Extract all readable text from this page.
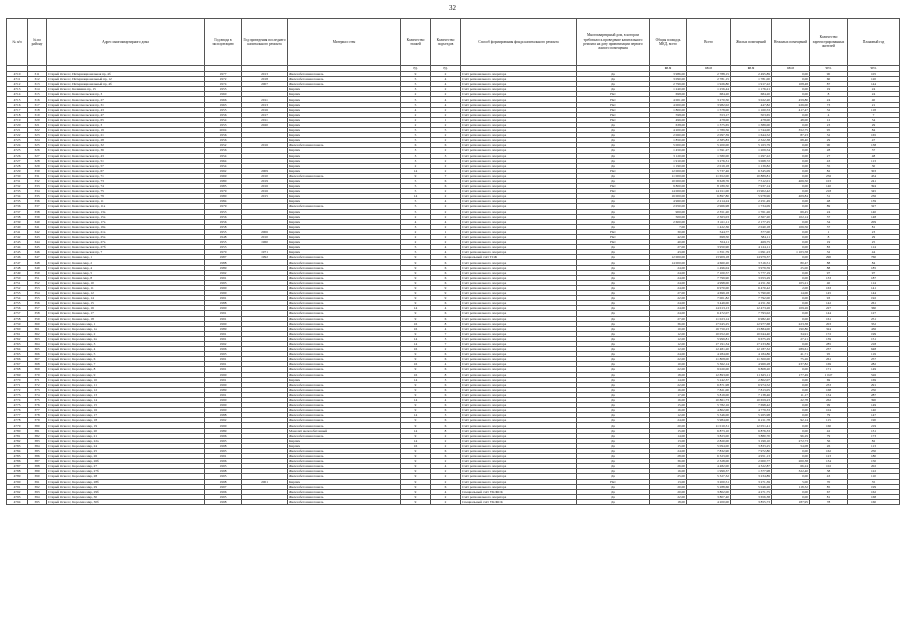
32
№ п/п	№ по району	Адрес многоквартирного дома	Год ввода в эксплуатацию	Год проведения последнего капитального ремонта	Материал стен	Количество этажей	Количество подъездов	Способ формирования фонда капитального ремонта	Многоквартирный дом, в котором требовалось проведение капитального ремонта на дату приватизации первого жилого помещения	Общая площадь МКД, всего	Всего	Жилых помещений	Нежилых помещений	Количество зарегистрированных жителей	Плановый год
						ед.	ед.			кв.м	кв.м	кв.м	кв.м	чел.	чел.
4710	311	Старый Оскол г, Интернациональная пр, 4б	1977	2013	Железобетонная панель	9	2	Счёт регионального оператора	Да	3 986,00	2 788,15	2 495,89	0,00	90	105
4711	312	Старый Оскол г, Интернациональный пр, 12	1972	2018	Железобетонная панель	5	4	Счёт регионального оператора	Да	3 090,00	2 781,15	1 781,00	0,00	60	120
4712	313	Старый Оскол г, Интернациональный пр, 4б	1974	2007	Железобетонная панель	5	4	Счёт регионального оператора	Да	2 799,00	1 926,80	1 917,22	108,48	87	144
4713	314	Старый Оскол г, Калинина пр, 15	1955		Кирпич	3	2	Счёт регионального оператора	Да	1 240,00	1 256,44	1 176,21	0,00	19	24
4714	315	Старый Оскол г, Комсомольская пр, 3	1960		Кирпич	2	2	Счёт регионального оператора	Нет	698,00	684,20	684,20	0,00	8	24
4715	316	Старый Оскол г, Комсомольская пр, 27	1966	2011	Кирпич	5	4	Счёт регионального оператора	Нет	4 001,00	3 270,50	3 022,20	459,80	24	40
4716	317	Старый Оскол г, Комсомольская пр, 31	1963	2013	Кирпич	5	4	Счёт регионального оператора	Нет	4 000,00	3 982,02	447,82	226,00	73	21
4717	318	Старый Оскол г, Комсомольская пр, 43	1955	2016	Кирпич	4	2	Счёт регионального оператора	Нет	1 800,00	1 578,00	1 160,53	417,47	32	118
4718	319	Старый Оскол г, Комсомольская пр, 47	1956	2017	Кирпич	2	2	Счёт регионального оператора	Нет	598,00	553,17	503,65	0,00	4	7
4719	320	Старый Оскол г, Комсомольская пр, 65	1954	2011	Кирпич	2	1	Счёт регионального оператора	Нет	496,00	478,00	478,00	48,00	12	54
4720	321	Старый Оскол г, Комсомольская пр, 3	1953	2020	Кирпич	2	2	Счёт регионального оператора	Да	638,00	1 375,65	1 389,00	0,00	23	29
4721	322	Старый Оскол г, Комсомольская пр, 19	2004		Кирпич	5	5	Счёт регионального оператора	Да	4 200,00	1 789,56	1 744,00	352,75	95	84
4722	323	Старый Оскол г, Комсомольская пр, 21	1956		Кирпич	5	2	Счёт регионального оператора	Да	2 060,00	2 097,39	1 644,52	87,23	32	165
4723	324	Старый Оскол г, Комсомольская пр, 28	1956		Кирпич	5	2	Счёт регионального оператора	Да	1 850,00	2 385,83	2 322,38	68,40	29	47
4724	325	Старый Оскол г, Комсомольская пр, 32	1952	2016	Железобетонная панель	6	6	Счёт регионального оператора	Да	5 000,00	5 200,00	5 163,79	0,00	90	138
4725	326	Старый Оскол г, Комсомольская пр, 36	1956		Кирпич	3	2	Счёт регионального оператора	Да	1 450,00	1 591,27	1 209,54	0,00	28	37
4726	327	Старый Оскол г, Комсомольская пр, 43	1954		Кирпич	3	3	Счёт регионального оператора	Да	3 120,00	1 580,00	1 297,22	0,00	27	48
4727	328	Старый Оскол г, Комсомольская пр, 51	1964		Кирпич	3	2	Счёт регионального оператора	Да	1 910,00	3 276,31	3 068,72	0,00	43	113
4728	329	Старый Оскол г, Комсомольская пр, 57	1954		Кирпич	2	2	Счёт регионального оператора	Да	1 190,00	2 019,18	1 139,82	0,00	35	30
4729	330	Старый Оскол г, Комсомольская пр, 67	1992	2009	Кирпич	14	2	Счёт регионального оператора	Нет	12 000,00	5 737,46	6 345,09	0,00	82	303
4730	331	Старый Оскол г, Комсомольская пр, 71	1969	2010	Железобетонная панель	9	7	Счёт регионального оператора	Да	11 000,00	11 652,00	10 889,81	0,00	256	454
4731	332	Старый Оскол г, Комсомольская пр, 73	1980	2019	Кирпич	5	6	Счёт регионального оператора	Да	10 000,00	8 628,76	7 512,01	406,50	103	241
4732	333	Старый Оскол г, Комсомольская пр, 74	1985	2016	Кирпич	5	6	Счёт регионального оператора	Нет	9 800,00	8 189,50	7 937,14	0,00	140	394
4733	334	Старый Оскол г, Комсомольская пр, 75	1979	2016	Кирпич	5	2	Счёт регионального оператора	Нет	14 000,00	14 011,00	13 902,42	0,00	218	345
4734	335	Старый Оскол г, Комсомольская пр, 79	1980	2015	Кирпич	14	2	Счёт регионального оператора	Да	16 000,00	6 897,80	5 978,96	409,84	31	236
4735	336	Старый Оскол г, Комсомольская пр, 11	1984		Кирпич	5	4	Счёт регионального оператора	Да	4 960,00	2 214,24	2 251,49	0,00	48	139
4736	337	Старый Оскол г, Комсомольская пр, 11а	1979		Железобетонная панель	5	2	Счёт регионального оператора	Да	2 050,00	2 966,98	1 734,09	0,00	89	327
4737	338	Старый Оскол г, Комсомольская пр, 13а	1953		Кирпич	5	2	Счёт регионального оператора	Да	900,00	2 351,20	1 761,26	69,45	24	140
4738	339	Старый Оскол г, Комсомольская пр, 15а	1956		Кирпич	2	2	Счёт регионального оператора	Да	500,00	2 363,03	2 367,20	102,14	37	148
4739	340	Старый Оскол г, Комсомольская пр, 17а	1956		Кирпич	4	4	Счёт регионального оператора	Да	2 600,00	3 411,11	2 177,25	0,00	34	209
4740	341	Старый Оскол г, Комсомольская пр, 19а	1958		Кирпич	3	2	Счёт регионального оператора	Да	7,00	1 422,36	2 040,18	106,56	37	81
4741	342	Старый Оскол г, Комсомольская пр, 21а	1955	2006	Кирпич	2	1	Счёт регионального оператора	Нет	30,00	544,77	377,00	0,00	1	23
4742	343	Старый Оскол г, Комсомольская пр, 25а	1948	2010	Кирпич	2	2	Счёт регионального оператора	Нет	42,00	698,50	584,11	0,00	8	29
4743	344	Старый Оскол г, Комсомольская пр, 27а	1955	1960	Кирпич	2	2	Счёт регионального оператора	Нет	40,00	554,11	469,75	0,00	19	25
4744	345	Старый Оскол г, Комсомольская пр, 27б	1953		Кирпич	5	4	Счёт регионального оператора	Да	27,00	3 950,90	4 124,11	0,00	83	114
4745	346	Старый Оскол г, Комсомольская пр, 7	1970	1971	Кирпич	5	4	Счёт регионального оператора	Да	43,00	1 351,79	1 091,23	1 103,58	32	44
4746	347	Старый Оскол г, Конева мкр, 1	1987	1992	Железобетонная панель	9	6	Специальный счёт ТСЖ	Да	12 000,00	13 909,18	14 979,37	0,00	290	760
4747	348	Старый Оскол г, Конева мкр, 2	1988		Железобетонная панель	9	6	Счёт регионального оператора	Да	14 000,00	4 660,20	3 516,51	80,47	88	84
4748	349	Старый Оскол г, Конева мкр, 4	1989		Железобетонная панель	9	6	Счёт регионального оператора	Да	24,00	1 496,04	3 979,59	25,00	88	185
4749	350	Старый Оскол г, Конева мкр, 5	1992		Железобетонная панель	9	6	Счёт регионального оператора	Да	24,00	7 100,57	5 777,19	0,00	97	97
4750	351	Старый Оскол г, Конева мкр, 8	1991		Железобетонная панель	9	6	Счёт регионального оператора	Да	24,00	7 799,90	3 053,29	0,00	133	187
4751	352	Старый Оскол г, Конева мкр, 10	1993		Железобетонная панель	9	6	Счёт регионального оператора	Да	24,00	4 998,00	4 251,36	105,21	40	114
4752	353	Старый Оскол г, Конева мкр, 11	1990		Железобетонная панель	9	9	Счёт регионального оператора	Да	24,00	6 970,00	6 470,42	2,00	163	141
4753	354	Старый Оскол г, Конева мкр, 12	1990		Железобетонная панель	9	9	Счёт регионального оператора	Да	27,00	4 699,18	5 790,00	14,00	145	144
4754	355	Старый Оскол г, Конева мкр, 14	1991		Железобетонная панель	9	9	Счёт регионального оператора	Да	22,00	7 001,82	7 792,00	0,00	93	192
4755	356	Старый Оскол г, Конева мкр, 15	1988		Железобетонная панель	9	6	Счёт регионального оператора	Да	24,00	3 449,00	4 251,36	0,00	142	261
4756	357	Старый Оскол г, Конева мкр, 16	1990		Железобетонная панель	14	4	Счёт регионального оператора	Да	24,00	14 013,13	12 473,26	109,26	227	360
4757	358	Старый Оскол г, Конева мкр, 17	1991		Железобетонная панель	9	6	Счёт регионального оператора	Да	24,00	6 472,07	7 793,02	0,00	144	127
4758	359	Старый Оскол г, Конева мкр, 18	1991		Железобетонная панель	9	6	Счёт регионального оператора	Да	27,00	11 023,14	6 982,40	0,00	161	251
4759	360	Старый Оскол г, Королева мкр, 1	1990		Железобетонная панель	16	8	Счёт регионального оператора	Да	36,00	17 045,25	12 977,68	223,38	203	352
4760	361	Старый Оскол г, Королева мкр, 1а	1989		Железобетонная панель	16	4	Счёт регионального оператора	Да	10,00	16 750,23	13 884,00	190,86	324	436
4761	362	Старый Оскол г, Королева мкр, 2	1991		Железобетонная панель	9	7	Счёт регионального оператора	Да	12,00	10 052,20	10 044,40	34,91	172	199
4762	363	Старый Оскол г, Королева мкр, 2а	1991		Железобетонная панель	14	3	Счёт регионального оператора	Да	12,00	5 999,81	9 675,29	27,21	139	151
4763	364	Старый Оскол г, Королева мкр, 3	1992		Железобетонная панель	14	7	Счёт регионального оператора	Да	12,00	17 191,34	17 233,86	0,00	285	218
4764	365	Старый Оскол г, Королева мкр, 4	1996		Железобетонная панель	16	2	Счёт регионального оператора	Да	12,00	12 481,20	12 187,32	289,61	237	648
4765	366	Старый Оскол г, Королева мкр, 5	1993		Железобетонная панель	9	6	Счёт регионального оператора	Да	24,00	4 284,00	4 184,86	41,71	95	119
4766	367	Старый Оскол г, Королева мкр, 6	1991		Железобетонная панель	9	6	Счёт регионального оператора	Да	22,00	11 808,00	11 300,00	75,26	261	257
4767	368	Старый Оскол г, Королева мкр, 7	1991		Железобетонная панель	16	4	Счёт регионального оператора	Да	10,00	5 362,14	4 969,28	237,82	169	282
4768	369	Старый Оскол г, Королева мкр, 8	1991		Железобетонная панель	9	6	Счёт регионального оператора	Да	22,00	9 020,00	9 808,20	0,00	171	149
4769	370	Старый Оскол г, Королева мкр, 9	1990		Железобетонная панель	16	8	Счёт регионального оператора	Да	18,00	12 893,00	11 625,11	177,49	1 047	526
4770	371	Старый Оскол г, Королева мкр, 10	1991		Кирпич	14	3	Счёт регионального оператора	Да	14,00	5 242,37	2 802,07	0,00	69	169
4771	372	Старый Оскол г, Королева мкр, 11	1990		Железобетонная панель	9	6	Счёт регионального оператора	Да	22,00	6 871,98	6 974,52	0,00	233	291
4772	373	Старый Оскол г, Королева мкр, 12	1989		Железобетонная панель	9	6	Счёт регионального оператора	Да	16,00	7 821,00	7 813,05	0,00	168	250
4773	374	Старый Оскол г, Королева мкр, 13	1991		Железобетонная панель	9	6	Счёт регионального оператора	Да	17,00	5 819,00	7 138,46	11,17	134	287
4774	375	Старый Оскол г, Королева мкр, 14	1990		Железобетонная панель	14	4	Счёт регионального оператора	Да	16,00	10 861,73	10 659,23	22,78	262	390
4775	376	Старый Оскол г, Королева мкр, 15	1990		Железобетонная панель	9	6	Счёт регионального оператора	Да	15,00	5 782,16	7 698,42	0,00	99	149
4776	377	Старый Оскол г, Королева мкр, 16	1990		Железобетонная панель	9	6	Счёт регионального оператора	Да	16,00	4 802,00	4 779,33	0,00	104	140
4777	378	Старый Оскол г, Королева мкр, 17	1988		Железобетонная панель	14	3	Счёт регионального оператора	Да	12,00	5 346,00	5 265,98	0,00	79	147
4778	379	Старый Оскол г, Королева мкр, 18	1992		Железобетонная панель	9	6	Счёт регионального оператора	Да	24,00	5 984,00	6 211,78	92,14	115	190
4779	380	Старый Оскол г, Королева мкр, 19	1990		Железобетонная панель	9	6	Счёт регионального оператора	Да	20,00	11 010,31	12 051,41	0,00	160	219
4780	381	Старый Оскол г, Королева мкр, 20	1989		Монолит железобетонный	14	8	Счёт регионального оператора	Да	15,00	6 873,10	6 876,33	0,00	42	131
4781	382	Старый Оскол г, Королева мкр, 21	1996		Железобетонная панель	9	2	Счёт регионального оператора	Да	14,00	3 823,00	3 880,70	96,29	79	173
4782	383	Старый Оскол г, Королева мкр, 22а	1993		Кирпич	14	2	Счёт регионального оператора	Да	13,00	2 820,00	3 199,10	272,73	56	82
4783	384	Старый Оскол г, Королева мкр, 24	1998		Кирпич	16	2	Счёт регионального оператора	Да	15,00	5 094,00	3 833,25	54,08	26	113
4784	385	Старый Оскол г, Королева мкр, 25	1993		Железобетонная панель	9	6	Счёт регионального оператора	Да	24,00	7 832,90	7 972,80	0,00	162	250
4785	386	Старый Оскол г, Королева мкр, 26	1991		Железобетонная панель	9	6	Счёт регионального оператора	Да	28,00	6 323,00	4 951,13	0,00	123	180
4786	387	Старый Оскол г, Королева мкр, 26б	1996		Железобетонная панель	9	2	Счёт регионального оператора	Да	36,00	2 328,00	2 000,77	200,38	134	150
4787	388	Старый Оскол г, Королева мкр, 27	1993		Железобетонная панель	9	4	Счёт регионального оператора	Да	26,00	4 482,00	4 322,87	66,24	102	202
4788	389	Старый Оскол г, Королева мкр, 27б	1998		Железобетонная панель	9	2	Счёт регионального оператора	Да	16,00	1 999,37	1 377,98	322,40	38	122
4789	390	Старый Оскол г, Королева мкр, 28	1995		Железобетонная панель	9	2	Счёт регионального оператора	Да	25,00	5 327,32	3 234,89	0,00	43	110
4790	391	Старый Оскол г, Королева мкр, 28б	1998	2001	Кирпич	9	2	Счёт регионального оператора	Нет	13,00	3 200,51	3 271,39	5,00	70	35
4791	392	Старый Оскол г, Королева мкр, 29	1997		Железобетонная панель	9	6	Счёт регионального оператора	Да	20,00	5 288,66	5 046,26	118,32	85	199
4792	393	Старый Оскол г, Королева мкр, 29б	1996		Железобетонная панель	9	4	Специальный счёт УК/ЖСК	Да	20,00	3 802,00	4 271,75	0,00	67	162
4793	394	Старый Оскол г, Королева мкр, 30	1995		Железобетонная панель	9	2	Счёт регионального оператора	Да	22,00	3 807,40	3 656,38	0,00	81	168
4794	395	Старый Оскол г, Королева мкр, 30б	1998		Железобетонная панель	9	2	Специальный счёт УК/ЖСК	Да	18,00	4 200,00	3 855,73	187,95	78	160
